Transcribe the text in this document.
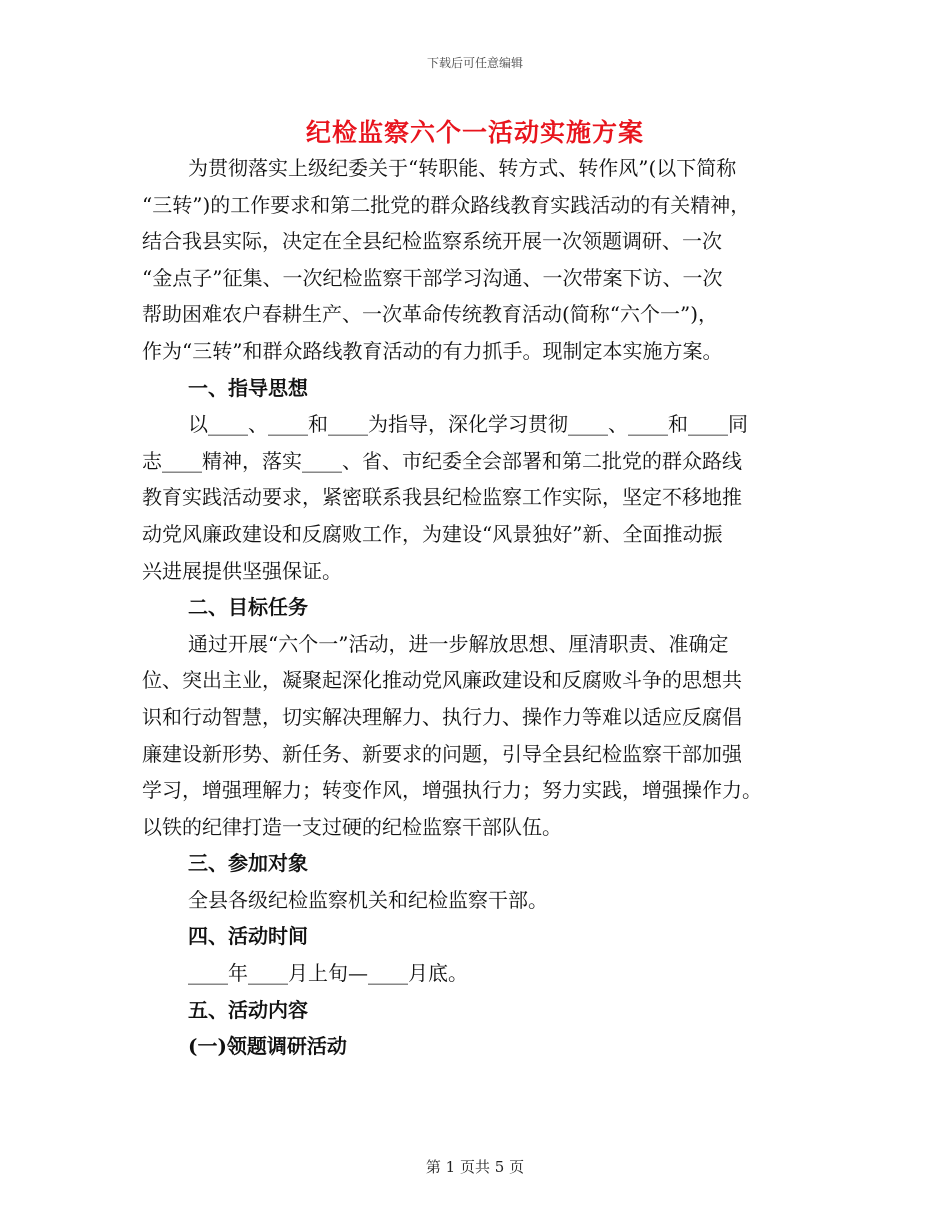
下载后可任意编辑
纪检监察六个一活动实施方案
为贯彻落实上级纪委关于“转职能、转方式、转作风”(以下简称
“三转”)的工作要求和第二批党的群众路线教育实践活动的有关精神，
结合我县实际，决定在全县纪检监察系统开展一次领题调研、一次
“金点子”征集、一次纪检监察干部学习沟通、一次带案下访、一次
帮助困难农户春耕生产、一次革命传统教育活动(简称“六个一”)，
作为“三转”和群众路线教育活动的有力抓手。现制定本实施方案。
一、指导思想
以____、____和____为指导，深化学习贯彻____、____和____同
志____精神，落实____、省、市纪委全会部署和第二批党的群众路线
教育实践活动要求，紧密联系我县纪检监察工作实际，坚定不移地推
动党风廉政建设和反腐败工作，为建设“风景独好”新、全面推动振
兴进展提供坚强保证。
二、目标任务
通过开展“六个一”活动，进一步解放思想、厘清职责、准确定
位、突出主业，凝聚起深化推动党风廉政建设和反腐败斗争的思想共
识和行动智慧，切实解决理解力、执行力、操作力等难以适应反腐倡
廉建设新形势、新任务、新要求的问题，引导全县纪检监察干部加强
学习，增强理解力；转变作风，增强执行力；努力实践，增强操作力。
以铁的纪律打造一支过硬的纪检监察干部队伍。
三、参加对象
全县各级纪检监察机关和纪检监察干部。
四、活动时间
____年____月上旬—____月底。
五、活动内容
(一)领题调研活动
第 1 页共 5 页
